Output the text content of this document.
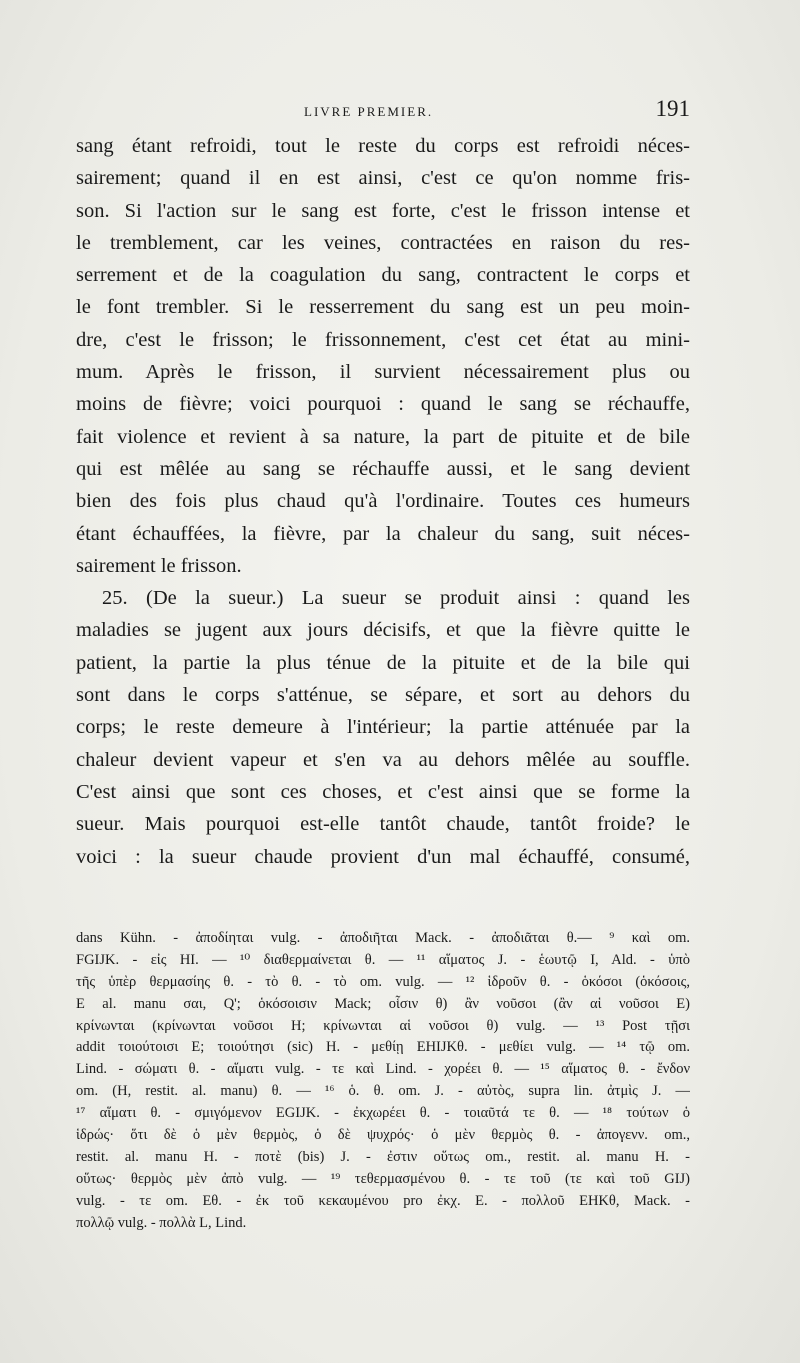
LIVRE PREMIER.	191
sang étant refroidi, tout le reste du corps est refroidi néces-
sairement; quand il en est ainsi, c'est ce qu'on nomme fris-
son. Si l'action sur le sang est forte, c'est le frisson intense et
le tremblement, car les veines, contractées en raison du res-
serrement et de la coagulation du sang, contractent le corps et
le font trembler. Si le resserrement du sang est un peu moin-
dre, c'est le frisson; le frissonnement, c'est cet état au mini-
mum. Après le frisson, il survient nécessairement plus ou
moins de fièvre; voici pourquoi : quand le sang se réchauffe,
fait violence et revient à sa nature, la part de pituite et de bile
qui est mêlée au sang se réchauffe aussi, et le sang devient
bien des fois plus chaud qu'à l'ordinaire. Toutes ces humeurs
étant échauffées, la fièvre, par la chaleur du sang, suit néces-
sairement le frisson.
25. (De la sueur.) La sueur se produit ainsi : quand les
maladies se jugent aux jours décisifs, et que la fièvre quitte le
patient, la partie la plus ténue de la pituite et de la bile qui
sont dans le corps s'atténue, se sépare, et sort au dehors du
corps; le reste demeure à l'intérieur; la partie atténuée par la
chaleur devient vapeur et s'en va au dehors mêlée au souffle.
C'est ainsi que sont ces choses, et c'est ainsi que se forme la
sueur. Mais pourquoi est-elle tantôt chaude, tantôt froide? le
voici : la sueur chaude provient d'un mal échauffé, consumé,
dans Kühn. - ἀποδίηται vulg. - ἀποδιῆται Mack. - ἀποδιᾶται θ.— ⁹ καὶ om.
FGIJK. - εἰς HI. — ¹⁰ διαθερμαίνεται θ. — ¹¹ αἵματος J. - ἑωυτῷ I, Ald. - ὑπὸ
τῆς ὑπὲρ θερμασίης θ. - τὸ θ. - τὸ om. vulg. — ¹² ἱδροῦν θ. - ὁκόσοι (ὁκόσοις,
E al. manu σαι, Q'; ὁκόσοισιν Mack; οἷσιν θ) ἂν νοῦσοι (ἂν αἱ νοῦσοι E)
κρίνωνται (κρίνωνται νοῦσοι H; κρίνωνται αἱ νοῦσοι θ) vulg. — ¹³ Post τῇσι
addit τοιούτοισι E; τοιούτησι (sic) H. - μεθίῃ EHIJKθ. - μεθίει vulg. — ¹⁴ τῷ om.
Lind. - σώματι θ. - αἵματι vulg. - τε καὶ Lind. - χορέει θ. — ¹⁵ αἵματος θ. - ἔνδον
om. (H, restit. al. manu) θ. — ¹⁶ ὁ. θ. om. J. - αὐτὸς, supra lin. ἀτμὶς J. —
¹⁷ αἵματι θ. - σμιγόμενον EGIJK. - ἐκχωρέει θ. - τοιαῦτά τε θ. — ¹⁸ τούτων ὁ
ἱδρώς· ὅτι δὲ ὁ μὲν θερμὸς, ὁ δὲ ψυχρός· ὁ μὲν θερμὸς θ. - ἀπογενν. om.,
restit. al. manu H. - ποτὲ (bis) J. - ἐστιν οὕτως om., restit. al. manu H. -
οὕτως· θερμὸς μὲν ἀπὸ vulg. — ¹⁹ τεθερμασμένου θ. - τε τοῦ (τε καὶ τοῦ GIJ)
vulg. - τε om. Eθ. - ἐκ τοῦ κεκαυμένου pro ἐκχ. E. - πολλοῦ EHKθ, Mack. -
πολλῷ vulg. - πολλὰ L, Lind.
